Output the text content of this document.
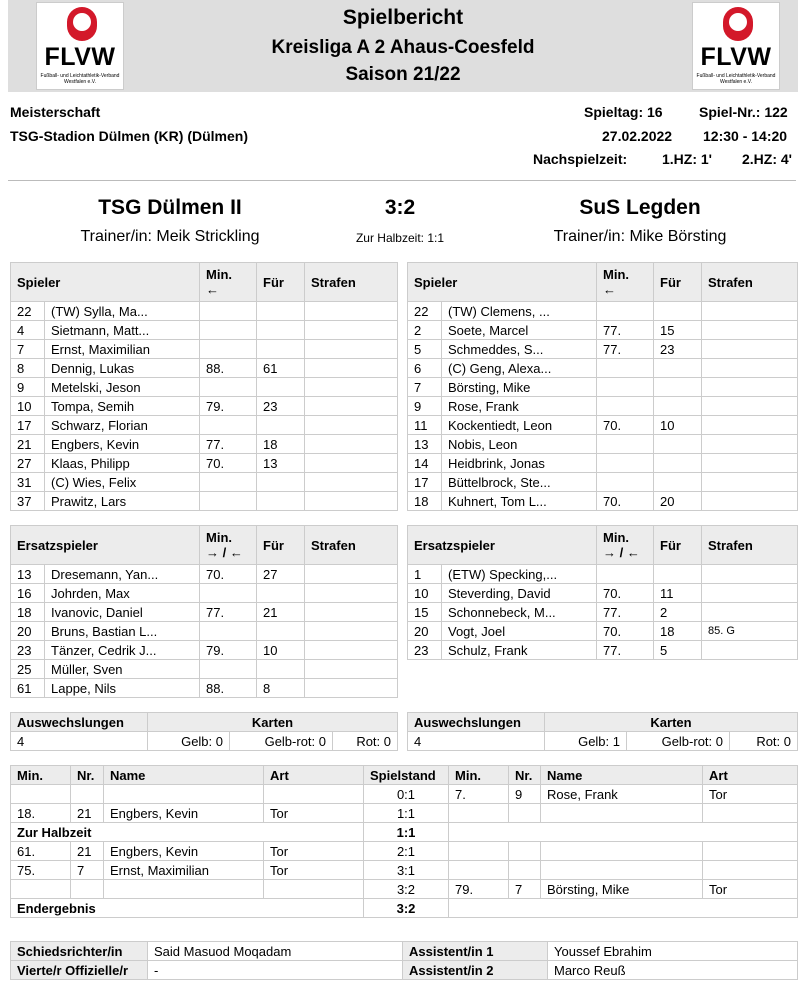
FLVW
Fußball- und Leichtathletik-Verband
Westfalen e.V.
FLVW
Fußball- und Leichtathletik-Verband
Westfalen e.V.
Spielbericht
Kreisliga A 2 Ahaus-Coesfeld
Saison 21/22
Meisterschaft
TSG-Stadion Dülmen (KR) (Dülmen)
Spieltag: 16	Spiel-Nr.: 122
27.02.2022 12:30 - 14:20
Nachspielzeit: 1.HZ: 1' 2.HZ: 4'
TSG Dülmen II	3:2	SuS Legden
Trainer/in: Meik Strickling	Zur Halbzeit: 1:1	Trainer/in: Mike Börsting
Spieler		Min.
←	Für	Strafen
22	(TW) Sylla, Ma...			
4	Sietmann, Matt...			
7	Ernst, Maximilian			
8	Dennig, Lukas	88.	61	
9	Metelski, Jeson			
10	Tompa, Semih	79.	23	
17	Schwarz, Florian			
21	Engbers, Kevin	77.	18	
27	Klaas, Philipp	70.	13	
31	(C) Wies, Felix			
37	Prawitz, Lars			
Spieler		Min.
←	Für	Strafen
22	(TW) Clemens, ...			
2	Soete, Marcel	77.	15	
5	Schmeddes, S...	77.	23	
6	(C) Geng, Alexa...			
7	Börsting, Mike			
9	Rose, Frank			
11	Kockentiedt, Leon	70.	10	
13	Nobis, Leon			
14	Heidbrink, Jonas			
17	Büttelbrock, Ste...			
18	Kuhnert, Tom L...	70.	20	
Ersatzspieler		Min.
→ / ←	Für	Strafen
13	Dresemann, Yan...	70.	27	
16	Johrden, Max			
18	Ivanovic, Daniel	77.	21	
20	Bruns, Bastian L...			
23	Tänzer, Cedrik J...	79.	10	
25	Müller, Sven			
61	Lappe, Nils	88.	8	
Ersatzspieler		Min.
→ / ←	Für	Strafen
1	(ETW) Specking,...			
10	Steverding, David	70.	11	
15	Schonnebeck, M...	77.	2	
20	Vogt, Joel	70.	18	85. G
23	Schulz, Frank	77.	5	
Auswechslungen	Karten		
4	Gelb: 0	Gelb-rot: 0	Rot: 0
Auswechslungen	Karten		
4	Gelb: 1	Gelb-rot: 0	Rot: 0
Min.	Nr.	Name	Art	Spielstand	Min.	Nr.	Name	Art
				0:1	7.	9	Rose, Frank	Tor
18.	21	Engbers, Kevin	Tor	1:1				
Zur Halbzeit				1:1				
61.	21	Engbers, Kevin	Tor	2:1				
75.	7	Ernst, Maximilian	Tor	3:1				
				3:2	79.	7	Börsting, Mike	Tor
Endergebnis				3:2				
Schiedsrichter/in	Said Masuod Moqadam	Assistent/in 1	Youssef Ebrahim
Vierte/r Offizielle/r	-	Assistent/in 2	Marco Reuß
